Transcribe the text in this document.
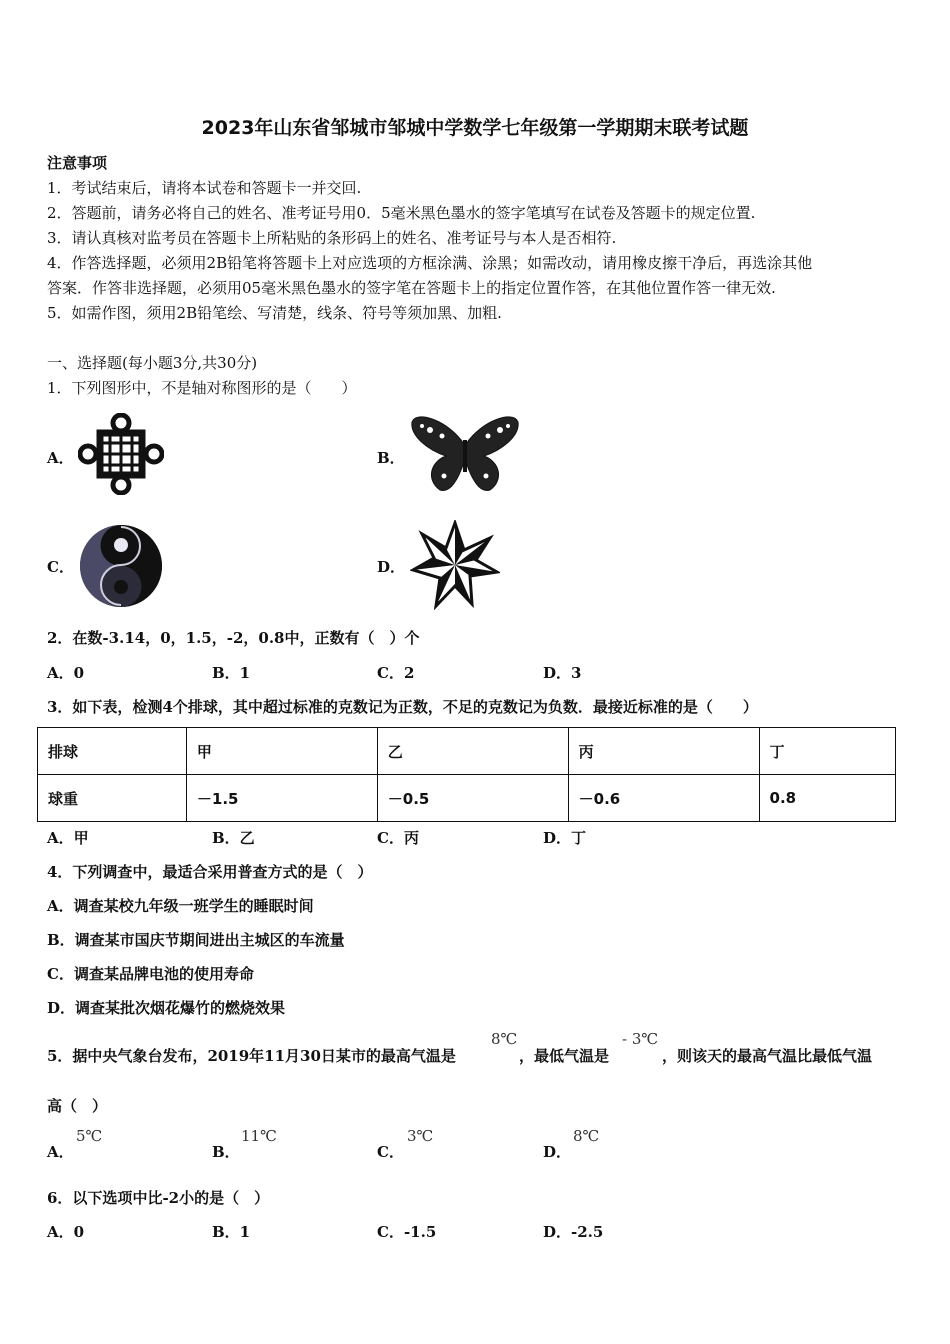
2023年山东省邹城市邹城中学数学七年级第一学期期末联考试题
注意事项
1．考试结束后，请将本试卷和答题卡一并交回.
2．答题前，请务必将自己的姓名、准考证号用0．5毫米黑色墨水的签字笔填写在试卷及答题卡的规定位置.
3．请认真核对监考员在答题卡上所粘贴的条形码上的姓名、准考证号与本人是否相符.
4．作答选择题，必须用2B铅笔将答题卡上对应选项的方框涂满、涂黑；如需改动，请用橡皮擦干净后，再选涂其他
答案．作答非选择题，必须用05毫米黑色墨水的签字笔在答题卡上的指定位置作答，在其他位置作答一律无效.
5．如需作图，须用2B铅笔绘、写清楚，线条、符号等须加黑、加粗.
一、选择题(每小题3分,共30分)
1．下列图形中，不是轴对称图形的是（　　）
A．	B．
C．	D．
2．在数-3.14，0，1.5，-2，0.8中，正数有（　）个
A．0	B．1	C．2	D．3
3．如下表，检测4个排球，其中超过标准的克数记为正数，不足的克数记为负数．最接近标准的是（　　）
排球	甲	乙	丙	丁
球重	－1.5	－0.5	－0.6	0.8
A．甲	B．乙	C．丙	D．丁
4．下列调查中，最适合采用普查方式的是（　）
A．调查某校九年级一班学生的睡眠时间
B．调查某市国庆节期间进出主城区的车流量
C．调查某品牌电池的使用寿命
D．调查某批次烟花爆竹的燃烧效果
5．据中央气象台发布，2019年11月30日某市的最高气温是
8℃
，最低气温是
- 3℃
，则该天的最高气温比最低气温
高（　）
A．
5℃
B．
11℃
C．
3℃
D．
8℃
6．以下选项中比-2小的是（　）
A．0	B．1	C．-1.5	D．-2.5
